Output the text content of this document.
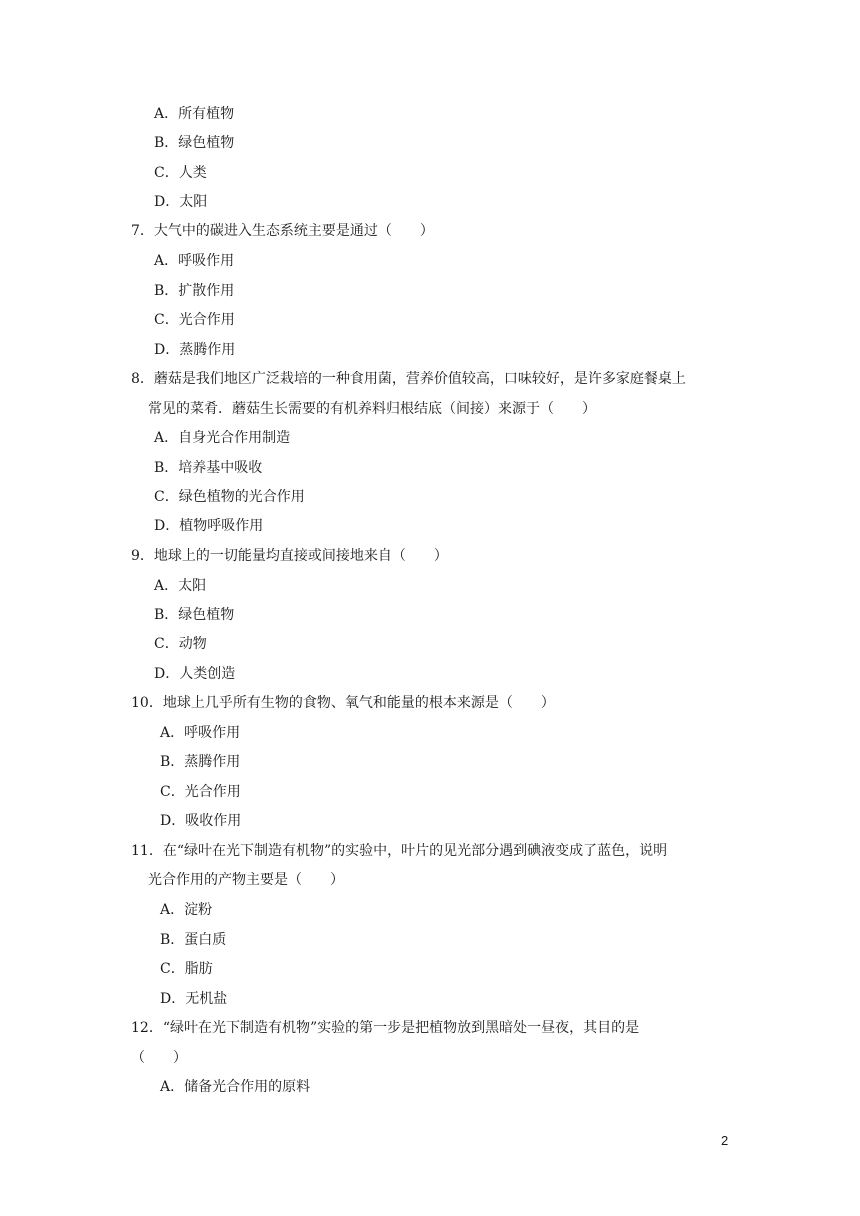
A．所有植物
B．绿色植物
C．人类
D．太阳
7．大气中的碳进入生态系统主要是通过（　　）
A．呼吸作用
B．扩散作用
C．光合作用
D．蒸腾作用
8．蘑菇是我们地区广泛栽培的一种食用菌，营养价值较高，口味较好，是许多家庭餐桌上
常见的菜肴．蘑菇生长需要的有机养料归根结底（间接）来源于（　　）
A．自身光合作用制造
B．培养基中吸收
C．绿色植物的光合作用
D．植物呼吸作用
9．地球上的一切能量均直接或间接地来自（　　）
A．太阳
B．绿色植物
C．动物
D．人类创造
10．地球上几乎所有生物的食物、氧气和能量的根本来源是（　　）
A．呼吸作用
B．蒸腾作用
C．光合作用
D．吸收作用
11．在“绿叶在光下制造有机物”的实验中，叶片的见光部分遇到碘液变成了蓝色，说明
光合作用的产物主要是（　　）
A．淀粉
B．蛋白质
C．脂肪
D．无机盐
12．“绿叶在光下制造有机物”实验的第一步是把植物放到黑暗处一昼夜，其目的是
（　　）
A．储备光合作用的原料
2
